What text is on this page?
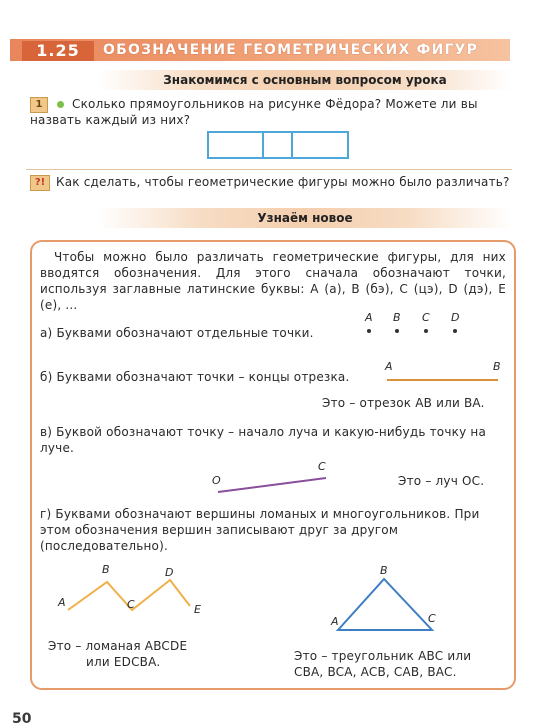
1.25	ОБОЗНАЧЕНИЕ ГЕОМЕТРИЧЕСКИХ ФИГУР
Знакомимся с основным вопросом урока
1	Сколько прямоугольников на рисунке Фёдора? Можете ли вы назвать каждый из них?
?! Как сделать, чтобы геометрические фигуры можно было различать?
Узнаём новое
Чтобы можно было различать геометрические фигуры, для них вводятся обозначения. Для этого сначала обозначают точки, используя заглавные латинские буквы: A (а), B (бэ), C (цэ), D (дэ), E (е), ...
а) Буквами обозначают отдельные точки.
A B C D
б) Буквами обозначают точки – концы отрезка.
A	B
Это – отрезок AB или BA.
в) Буквой обозначают точку – начало луча и какую-нибудь точку на луче.
O
C
Это – луч OC.
г) Буквами обозначают вершины ломаных и многоугольников. При этом обозначения вершин записывают друг за другом (последовательно).
A
B
C
D
E
Это – ломаная ABCDE
или EDCBA.
B
A	C
Это – треугольник ABC или
CBA, BCA, ACB, CAB, BAC.
50
